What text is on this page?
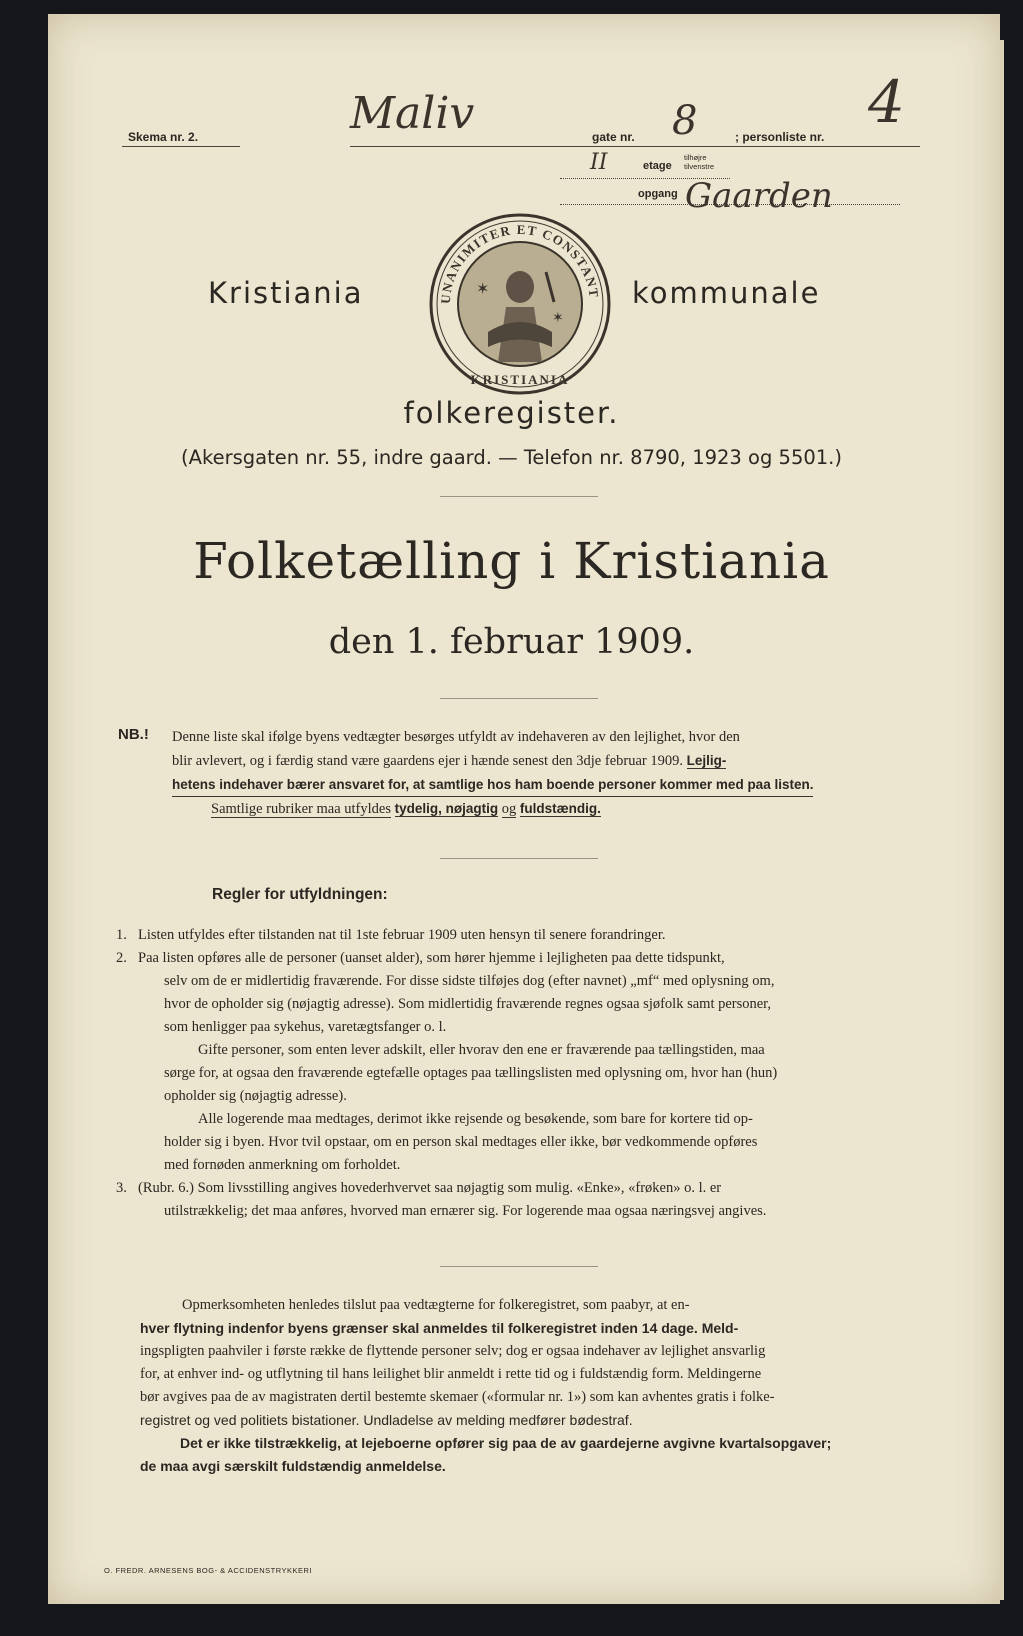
Skema nr. 2.	Maliv	gate nr. 8	; personliste nr.
4
II	etage
tilhøjre tilvenstre
opgang Gaarden
UNANIMITER ET CONSTANT
✶
✶
KRISTIANIA
Kristiania	kommunale
folkeregister.
(Akersgaten nr. 55, indre gaard. — Telefon nr. 8790, 1923 og 5501.)
Folketælling i Kristiania
den 1. februar 1909.
NB.! Denne liste skal ifølge byens vedtægter besørges utfyldt av indehaveren av den lejlighet, hvor den
blir avlevert, og i færdig stand være gaardens ejer i hænde senest den 3dje februar 1909. Lejlig-
hetens indehaver bærer ansvaret for, at samtlige hos ham boende personer kommer med paa listen.
Samtlige rubriker maa utfyldes tydelig, nøjagtig og fuldstændig.
Regler for utfyldningen:
1. Listen utfyldes efter tilstanden nat til 1ste februar 1909 uten hensyn til senere forandringer.
2. Paa listen opføres alle de personer (uanset alder), som hører hjemme i lejligheten paa dette tidspunkt,
selv om de er midlertidig fraværende. For disse sidste tilføjes dog (efter navnet) „mf“ med oplysning om,
hvor de opholder sig (nøjagtig adresse). Som midlertidig fraværende regnes ogsaa sjøfolk samt personer,
som henligger paa sykehus, varetægtsfanger o. l.
Gifte personer, som enten lever adskilt, eller hvorav den ene er fraværende paa tællingstiden, maa
sørge for, at ogsaa den fraværende egtefælle optages paa tællingslisten med oplysning om, hvor han (hun)
opholder sig (nøjagtig adresse).
Alle logerende maa medtages, derimot ikke rejsende og besøkende, som bare for kortere tid op-
holder sig i byen. Hvor tvil opstaar, om en person skal medtages eller ikke, bør vedkommende opføres
med fornøden anmerkning om forholdet.
3. (Rubr. 6.) Som livsstilling angives hovederhvervet saa nøjagtig som mulig. «Enke», «frøken» o. l. er
utilstrækkelig; det maa anføres, hvorved man ernærer sig. For logerende maa ogsaa næringsvej angives.
Opmerksomheten henledes tilslut paa vedtægterne for folkeregistret, som paabyr, at en-
hver flytning indenfor byens grænser skal anmeldes til folkeregistret inden 14 dage. Meld-
ingspligten paahviler i første række de flyttende personer selv; dog er ogsaa indehaver av lejlighet ansvarlig
for, at enhver ind- og utflytning til hans leilighet blir anmeldt i rette tid og i fuldstændig form. Meldingerne
bør avgives paa de av magistraten dertil bestemte skemaer («formular nr. 1») som kan avhentes gratis i folke-
registret og ved politiets bistationer. Undladelse av melding medfører bødestraf.
Det er ikke tilstrækkelig, at lejeboerne opfører sig paa de av gaardejerne avgivne kvartalsopgaver;
de maa avgi særskilt fuldstændig anmeldelse.
O. FREDR. ARNESENS BOG- & ACCIDENSTRYKKERI
